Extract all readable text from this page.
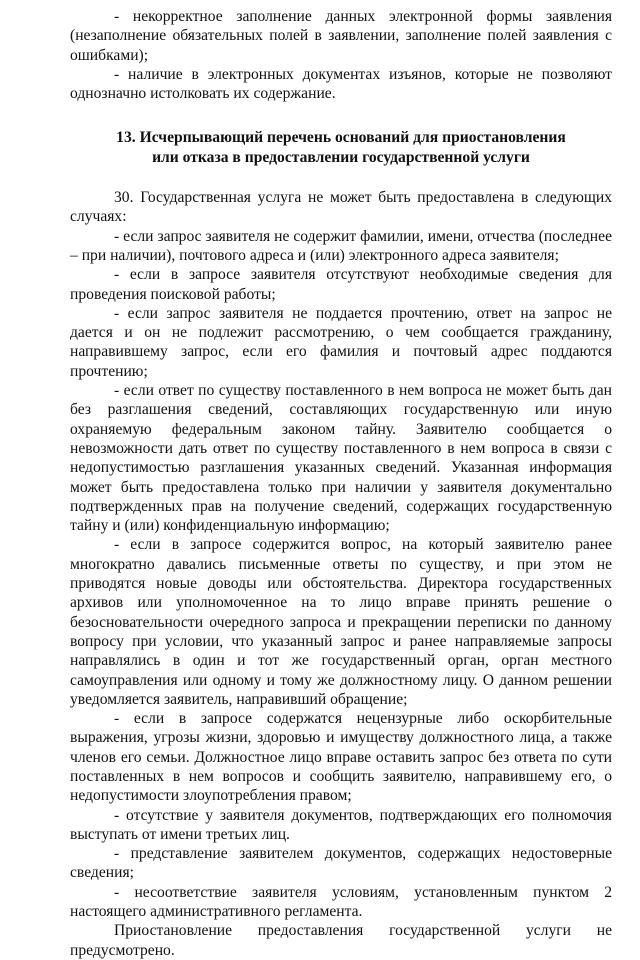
- некорректное заполнение данных электронной формы заявления (незаполнение обязательных полей в заявлении, заполнение полей заявления с ошибками);

- наличие в электронных документах изъянов, которые не позволяют однозначно истолковать их содержание.

13. Исчерпывающий перечень оснований для приостановления
или отказа в предоставлении государственной услуги

30. Государственная услуга не может быть предоставлена в следующих случаях:

- если запрос заявителя не содержит фамилии, имени, отчества (последнее – при наличии), почтового адреса и (или) электронного адреса заявителя;

- если в запросе заявителя отсутствуют необходимые сведения для проведения поисковой работы;

- если запрос заявителя не поддается прочтению, ответ на запрос не дается и он не подлежит рассмотрению, о чем сообщается гражданину, направившему запрос, если его фамилия и почтовый адрес поддаются прочтению;

- если ответ по существу поставленного в нем вопроса не может быть дан без разглашения сведений, составляющих государственную или иную охраняемую федеральным законом тайну. Заявителю сообщается о невозможности дать ответ по существу поставленного в нем вопроса в связи с недопустимостью разглашения указанных сведений. Указанная информация может быть предоставлена только при наличии у заявителя документально подтвержденных прав на получение сведений, содержащих государственную тайну и (или) конфиденциальную информацию;

- если в запросе содержится вопрос, на который заявителю ранее многократно давались письменные ответы по существу, и при этом не приводятся новые доводы или обстоятельства. Директора государственных архивов или уполномоченное на то лицо вправе принять решение о безосновательности очередного запроса и прекращении переписки по данному вопросу при условии, что указанный запрос и ранее направляемые запросы направлялись в один и тот же государственный орган, орган местного самоуправления или одному и тому же должностному лицу. О данном решении уведомляется заявитель, направивший обращение;

- если в запросе содержатся нецензурные либо оскорбительные выражения, угрозы жизни, здоровью и имуществу должностного лица, а также членов его семьи. Должностное лицо вправе оставить запрос без ответа по сути поставленных в нем вопросов и сообщить заявителю, направившему его, о недопустимости злоупотребления правом;

- отсутствие у заявителя документов, подтверждающих его полномочия выступать от имени третьих лиц.

- представление заявителем документов, содержащих недостоверные сведения;

- несоответствие заявителя условиям, установленным пунктом 2 настоящего административного регламента.

Приостановление предоставления государственной услуги не предусмотрено.
